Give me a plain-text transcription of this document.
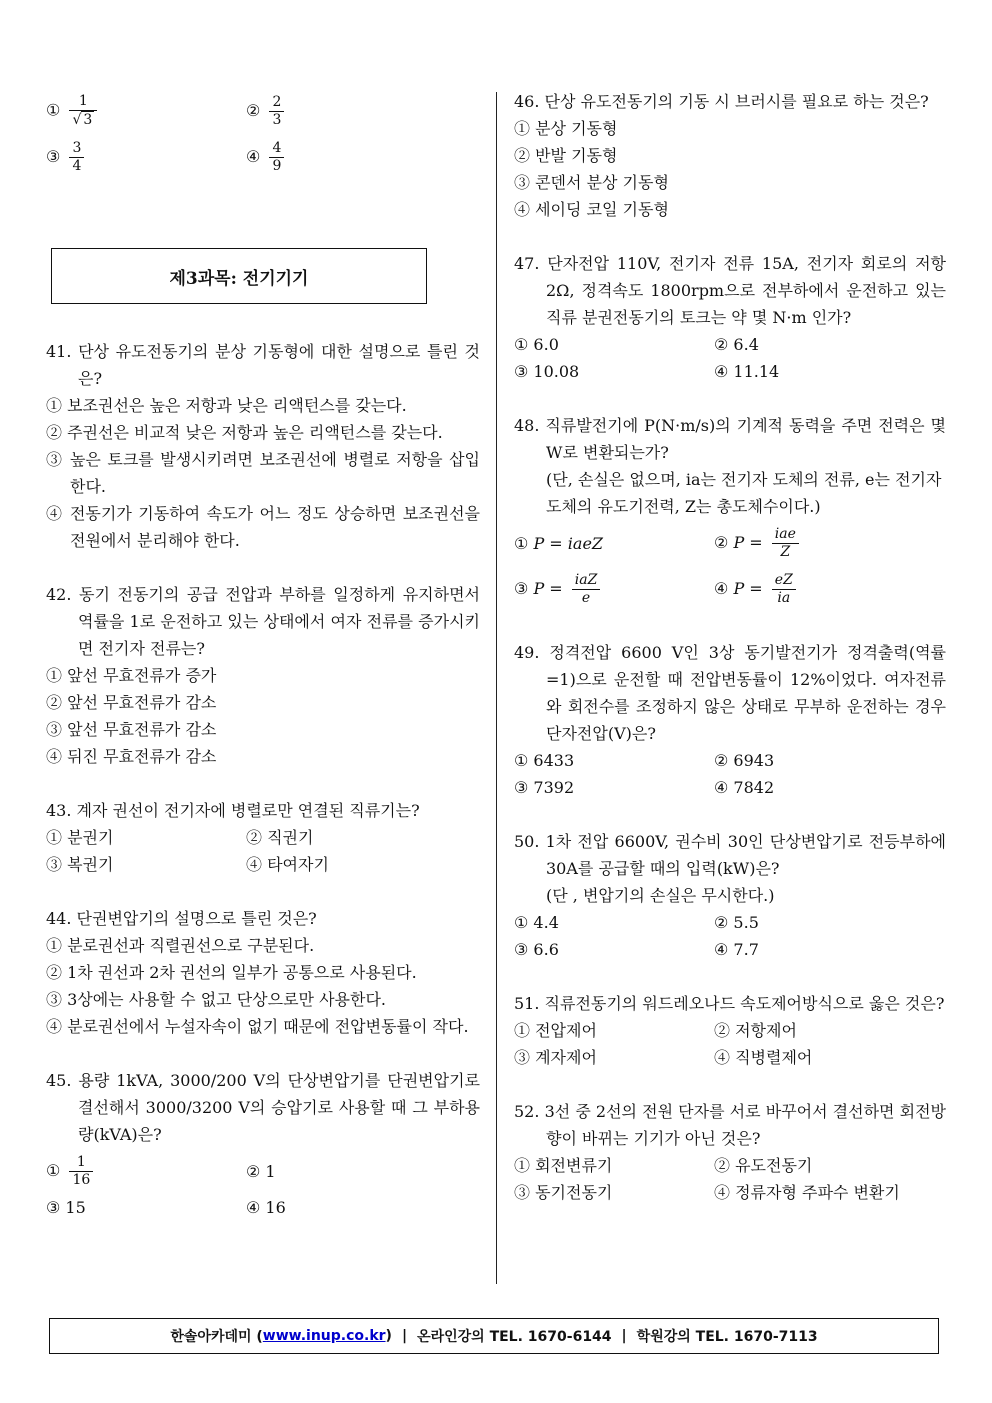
① $\frac{1}{√ 3}$	② $\frac{2}{3}$
③ $\frac{3}{4}$	④ $\frac{4}{9}$
41. 단상 유도전동기의 분상 기동형에 대한 설명으로 틀린 것은?
① 보조권선은 높은 저항과 낮은 리액턴스를 갖는다.
② 주권선은 비교적 낮은 저항과 높은 리액턴스를 갖는다.
③ 높은 토크를 발생시키려면 보조권선에 병렬로 저항을 삽입한다.
④ 전동기가 기동하여 속도가 어느 정도 상승하면 보조권선을 전원에서 분리해야 한다.
42. 동기 전동기의 공급 전압과 부하를 일정하게 유지하면서 역률을 1로 운전하고 있는 상태에서 여자 전류를 증가시키면 전기자 전류는?
① 앞선 무효전류가 증가
② 앞선 무효전류가 감소
③ 앞선 무효전류가 감소
④ 뒤진 무효전류가 감소
43. 계자 권선이 전기자에 병렬로만 연결된 직류기는?
① 분권기	② 직권기
③ 복권기	④ 타여자기
44. 단권변압기의 설명으로 틀린 것은?
① 분로권선과 직렬권선으로 구분된다.
② 1차 권선과 2차 권선의 일부가 공통으로 사용된다.
③ 3상에는 사용할 수 없고 단상으로만 사용한다.
④ 분로권선에서 누설자속이 없기 때문에 전압변동률이 작다.
45. 용량 1kVA, 3000/200 V의 단상변압기를 단권변압기로 결선해서 3000/3200 V의 승압기로 사용할 때 그 부하용량(kVA)은?
① $\frac{1}{16}$	② 1
③ 15	④ 16
제3과목: 전기기기
46. 단상 유도전동기의 기동 시 브러시를 필요로 하는 것은?
① 분상 기동형
② 반발 기동형
③ 콘덴서 분상 기동형
④ 세이딩 코일 기동형
47. 단자전압 110V, 전기자 전류 15A, 전기자 회로의 저항 2Ω, 정격속도 1800rpm으로 전부하에서 운전하고 있는 직류 분권전동기의 토크는 약 몇 N·m 인가?
① 6.0	② 6.4
③ 10.08	④ 11.14
48. 직류발전기에 P(N·m/s)의 기계적 동력을 주면 전력은 몇 W로 변환되는가?
(단, 손실은 없으며, ia는 전기자 도체의 전류, e는 전기자 도체의 유도기전력, Z는 총도체수이다.)
① P = iaeZ	② $P = \frac{\text{iae}}{Z}$
③ $P = \frac{\text{iaZ}}{e}$	④ $P = \frac{eZ}{ia}$
49. 정격전압 6600 V인 3상 동기발전기가 정격출력(역률=1)으로 운전할 때 전압변동률이 12%이었다. 여자전류와 회전수를 조정하지 않은 상태로 무부하 운전하는 경우 단자전압(V)은?
① 6433	② 6943
③ 7392	④ 7842
50. 1차 전압 6600V, 권수비 30인 단상변압기로 전등부하에 30A를 공급할 때의 입력(kW)은?
(단 , 변압기의 손실은 무시한다.)
① 4.4	② 5.5
③ 6.6	④ 7.7
51. 직류전동기의 워드레오나드 속도제어방식으로 옳은 것은?
① 전압제어	② 저항제어
③ 계자제어	④ 직병렬제어
52. 3선 중 2선의 전원 단자를 서로 바꾸어서 결선하면 회전방향이 바뀌는 기기가 아닌 것은?
① 회전변류기	② 유도전동기
③ 동기전동기	④ 정류자형 주파수 변환기
한솔아카데미 ( www.inup.co.kr ) | 온라인강의 TEL. 1670-6144 | 학원강의 TEL. 1670-7113
